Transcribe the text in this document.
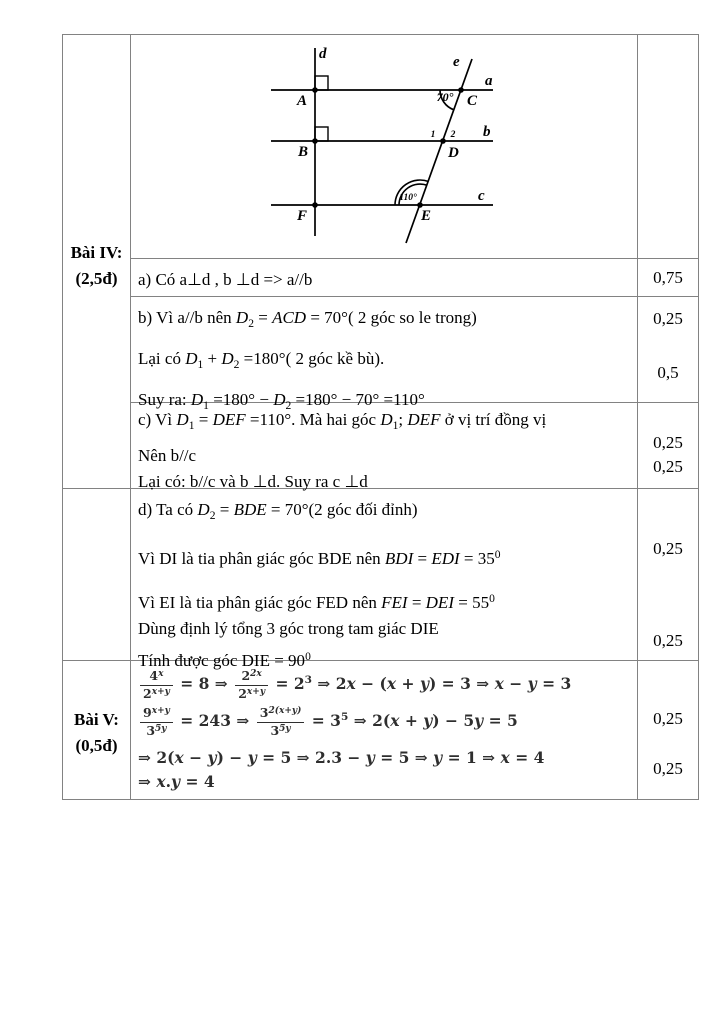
Bài IV:
(2,5đ)
d	e
a
b
c
A
B
F
C
D
E
70°
110°
1 2
a) Có a⊥d , b ⊥d => a//b	0,75
b) Vì a//b nên $D_2$ = ACD = 70°( 2 góc so le trong)
Lại có $D_1 + D_2 =180^\circ$( 2 góc kề bù).
Suy ra: $D_1 =180^\circ - D_2 =180^\circ - 70^\circ =110^\circ$
0,25
0,5
c) Vì $D_1$ = DEF =110°. Mà hai góc $D_1$; DEF ở vị trí đồng vị
Nên b//c
Lại có: b//c và b ⊥d. Suy ra c ⊥d
0,25
0,25
d) Ta có $D_2$ = BDE = 70°(2 góc đối đỉnh)
Vì DI là tia phân giác góc BDE nên BDI = EDI = $35^0$
Vì EI là tia phân giác góc FED nên FEI = DEI = $55^0$
Dùng định lý tổng 3 góc trong tam giác DIE
Tính được góc DIE = $90^0$
0,25
0,25
Bài V:
(0,5đ)
$\frac{4^x}{2^{x+y}} = 8$ ⇒ $\frac{2^{2x}}{2^{x+y}} = 2^3$ ⇒ 2x − (x + y) = 3 ⇒ x − y = 3
$\frac{9^{x+y}}{3^{5y}} = 243$ ⇒ $\frac{3^{2(x+y)}}{3^{5y}} = 3^5$ ⇒ 2(x + y) − 5y = 5
⇒ 2(x − y) − y = 5 ⇒ 2.3 − y = 5 ⇒ y = 1 ⇒ x = 4
⇒ x.y = 4
0,25
0,25
